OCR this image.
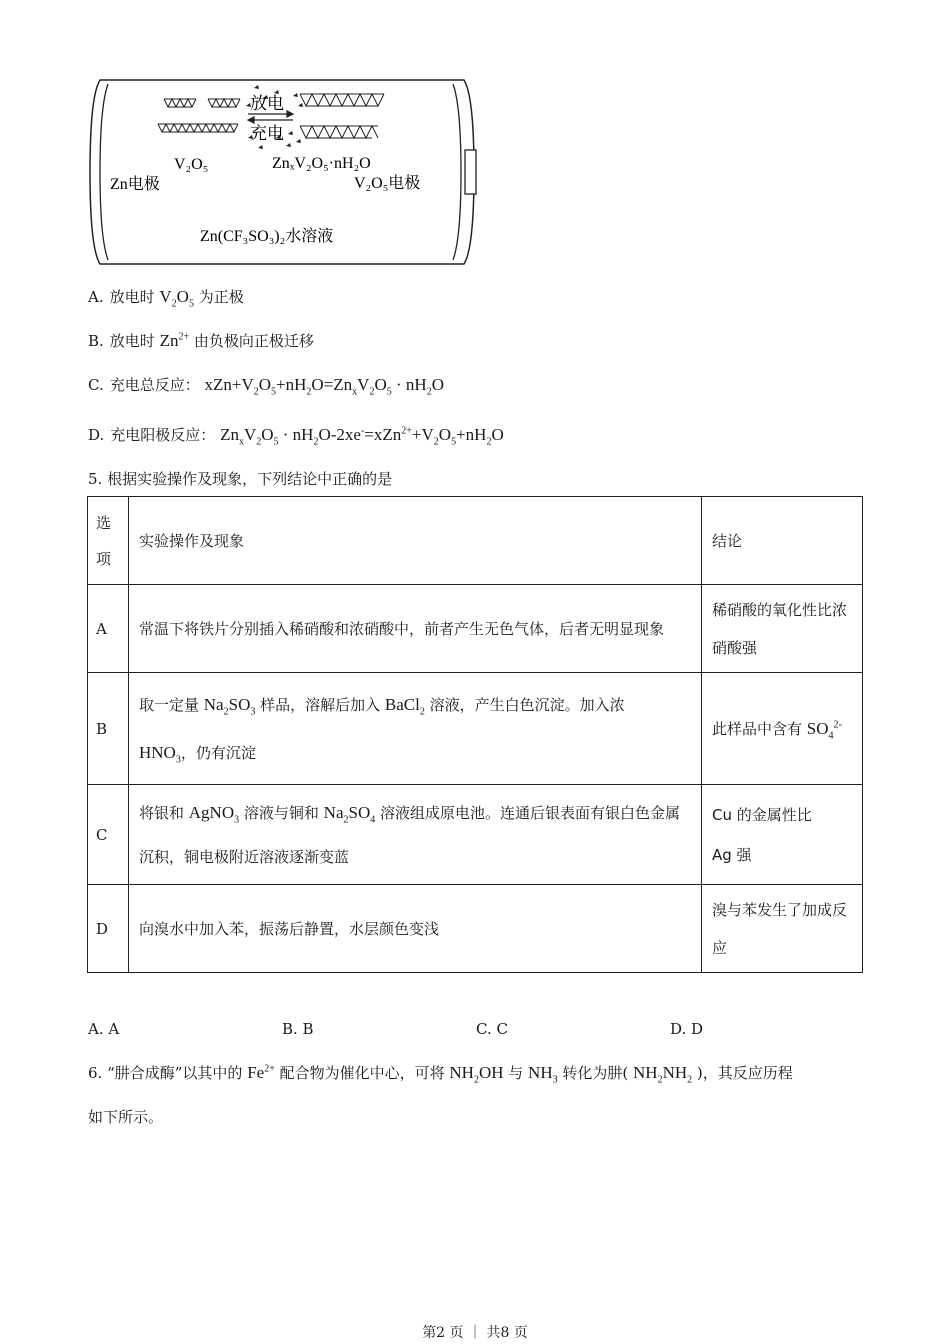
放电
充电
V₂O₅	ZnₓV₂O₅·nH₂O
Zn电极	V₂O₅电极
Zn(CF₃SO₃)₂水溶液
A. 放电时 $V_2O_5$ 为正极
B. 放电时 $Zn^{2+}$ 由负极向正极迁移
C. 充电总反应： $xZn+V_2O_5+nH_2O=Zn_xV_2O_5 \cdot nH_2O$
D. 充电阳极反应： $Zn_xV_2O_5 \cdot nH_2O-2xe^-=xZn^{2+}+V_2O_5+nH_2O$
5. 根据实验操作及现象，下列结论中正确的是
选项	实验操作及现象	结论
A	常温下将铁片分别插入稀硝酸和浓硝酸中，前者产生无色气体，后者无明显现象	稀硝酸的氧化性比浓硝酸强
B	取一定量 $Na_2SO_3$ 样品，溶解后加入 BaCl$_2$ 溶液，产生白色沉淀。加入浓
$HNO_3$，仍有沉淀	此样品中含有 $SO_4^{2-}$
C	将银和 AgNO$_3$ 溶液与铜和 $Na_2SO_4$ 溶液组成原电池。连通后银表面有银白色金属沉积，铜电极附近溶液逐渐变蓝	Cu 的金属性比
Ag 强
D	向溴水中加入苯，振荡后静置，水层颜色变浅	溴与苯发生了加成反应
A. A	B. B	C. C	D. D
6. “肼合成酶”以其中的 $Fe^{2+}$ 配合物为催化中心，可将 $NH_2OH$ 与 $NH_3$ 转化为肼( $NH_2NH_2$ )，其反应历程
如下所示。
第2 页 ｜ 共8 页
